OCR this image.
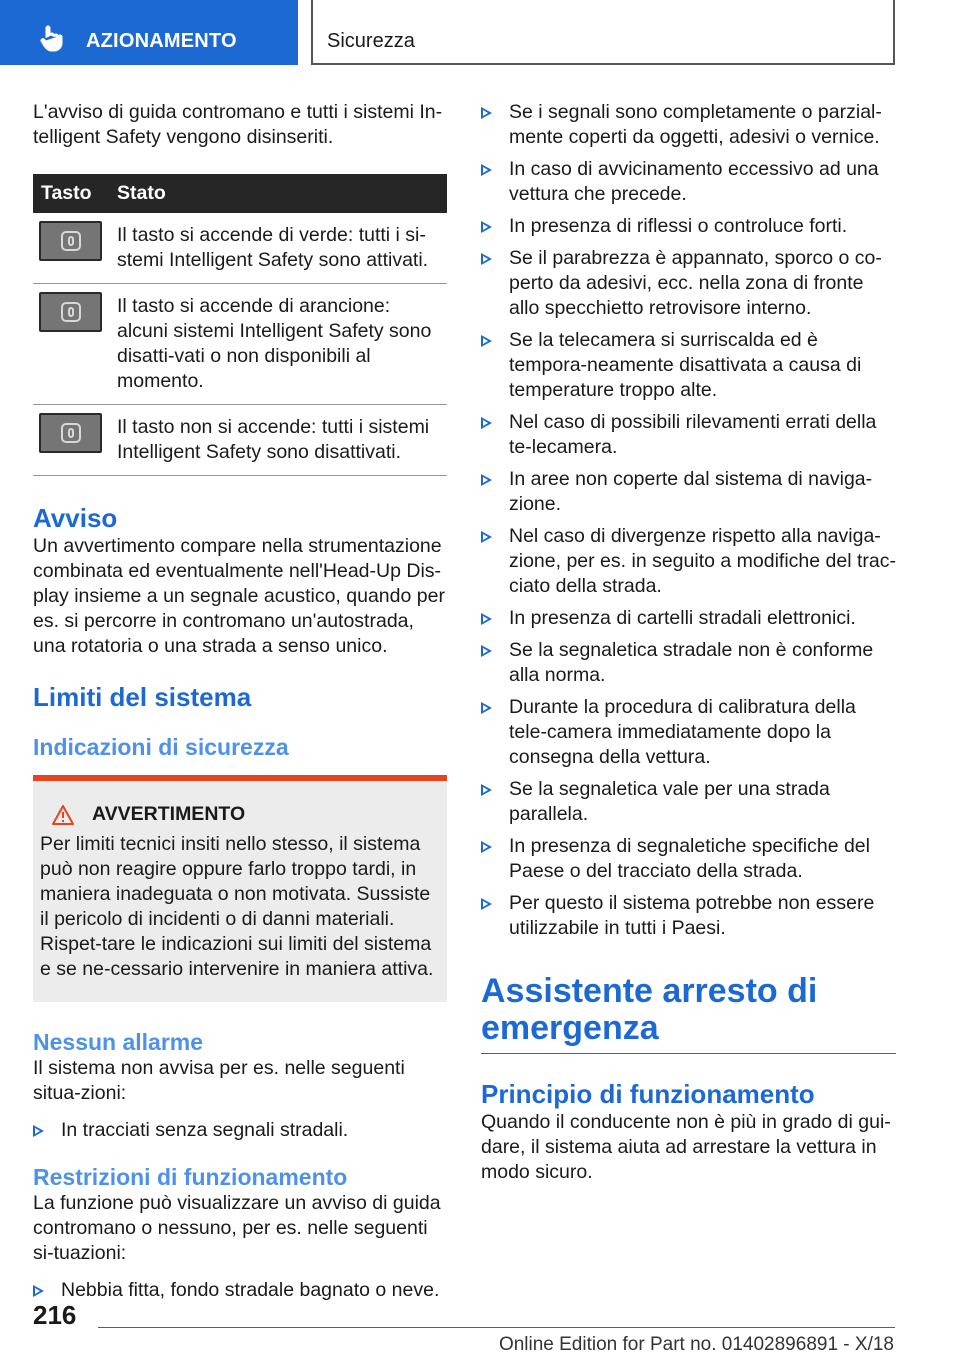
AZIONAMENTO	Sicurezza

L'avviso di guida contromano e tutti i sistemi In-telligent Safety vengono disinseriti.

Tasto	Stato

	Il tasto si accende di verde: tutti i si-stemi Intelligent Safety sono attivati.

	Il tasto si accende di arancione: alcuni sistemi Intelligent Safety sono disatti-vati o non disponibili al momento.

	Il tasto non si accende: tutti i sistemi Intelligent Safety sono disattivati.
Avviso

Un avvertimento compare nella strumentazione combinata ed eventualmente nell'Head-Up Dis-play insieme a un segnale acustico, quando per es. si percorre in contromano un'autostrada, una rotatoria o una strada a senso unico.

Limiti del sistema
Indicazioni di sicurezza
AVVERTIMENTO

Per limiti tecnici insiti nello stesso, il sistema può non reagire oppure farlo troppo tardi, in maniera inadeguata o non motivata. Sussiste il pericolo di incidenti o di danni materiali. Rispet-tare le indicazioni sui limiti del sistema e se ne-cessario intervenire in maniera attiva.

Nessun allarme

Il sistema non avvisa per es. nelle seguenti situa-zioni:

In tracciati senza segnali stradali.
Restrizioni di funzionamento

La funzione può visualizzare un avviso di guida contromano o nessuno, per es. nelle seguenti si-tuazioni:

Nebbia fitta, fondo stradale bagnato o neve.
Se i segnali sono completamente o parzial-mente coperti da oggetti, adesivi o vernice.
In caso di avvicinamento eccessivo ad una vettura che precede.
In presenza di riflessi o controluce forti.
Se il parabrezza è appannato, sporco o co-perto da adesivi, ecc. nella zona di fronte allo specchietto retrovisore interno.
Se la telecamera si surriscalda ed è tempora-neamente disattivata a causa di temperature troppo alte.
Nel caso di possibili rilevamenti errati della te-lecamera.
In aree non coperte dal sistema di naviga-zione.
Nel caso di divergenze rispetto alla naviga-zione, per es. in seguito a modifiche del trac-ciato della strada.
In presenza di cartelli stradali elettronici.
Se la segnaletica stradale non è conforme alla norma.
Durante la procedura di calibratura della tele-camera immediatamente dopo la consegna della vettura.
Se la segnaletica vale per una strada parallela.
In presenza di segnaletiche specifiche del Paese o del tracciato della strada.
Per questo il sistema potrebbe non essere utilizzabile in tutti i Paesi.
Assistente arresto di emergenza
Principio di funzionamento

Quando il conducente non è più in grado di gui-dare, il sistema aiuta ad arrestare la vettura in modo sicuro.

216
Online Edition for Part no. 01402896891 - X/18
